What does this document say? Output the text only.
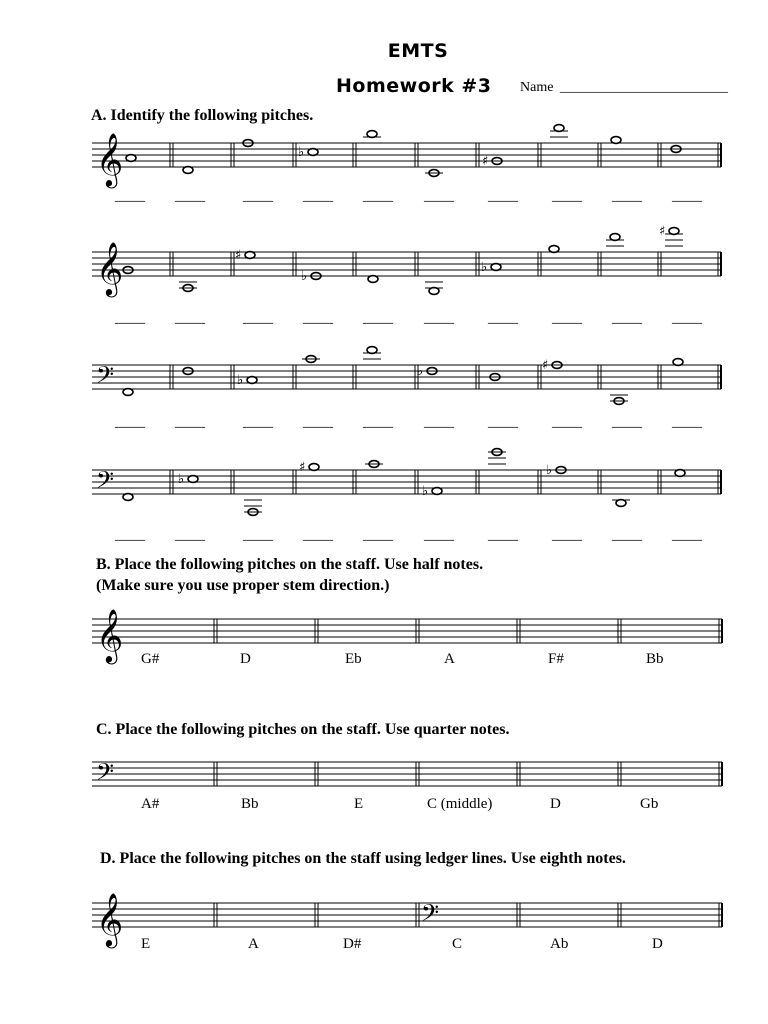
EMTS
Homework #3 Name ________________________
A. Identify the following pitches.
B. Place the following pitches on the staff. Use half notes.
(Make sure you use proper stem direction.)
C. Place the following pitches on the staff. Use quarter notes.
D. Place the following pitches on the staff using ledger lines. Use eighth notes.
𝄞	♭
♯
𝄞	♯
♭
♭
♯
𝄢	♭
♭	♯
𝄢	♭
♯
♭
♭
𝄞
𝄢
𝄞	𝄢
____ ____	____ ____ ____ ____ ____ ____ ____ ____
____ ____	____ ____ ____ ____ ____ ____ ____ ____
____ ____	____ ____ ____ ____ ____ ____ ____ ____
____ ____	____ ____ ____ ____ ____ ____ ____ ____
G#	D	Eb	A	F#	Bb
A#	Bb	E	C (middle)	D	Gb
E	A	D#	C	Ab	D
